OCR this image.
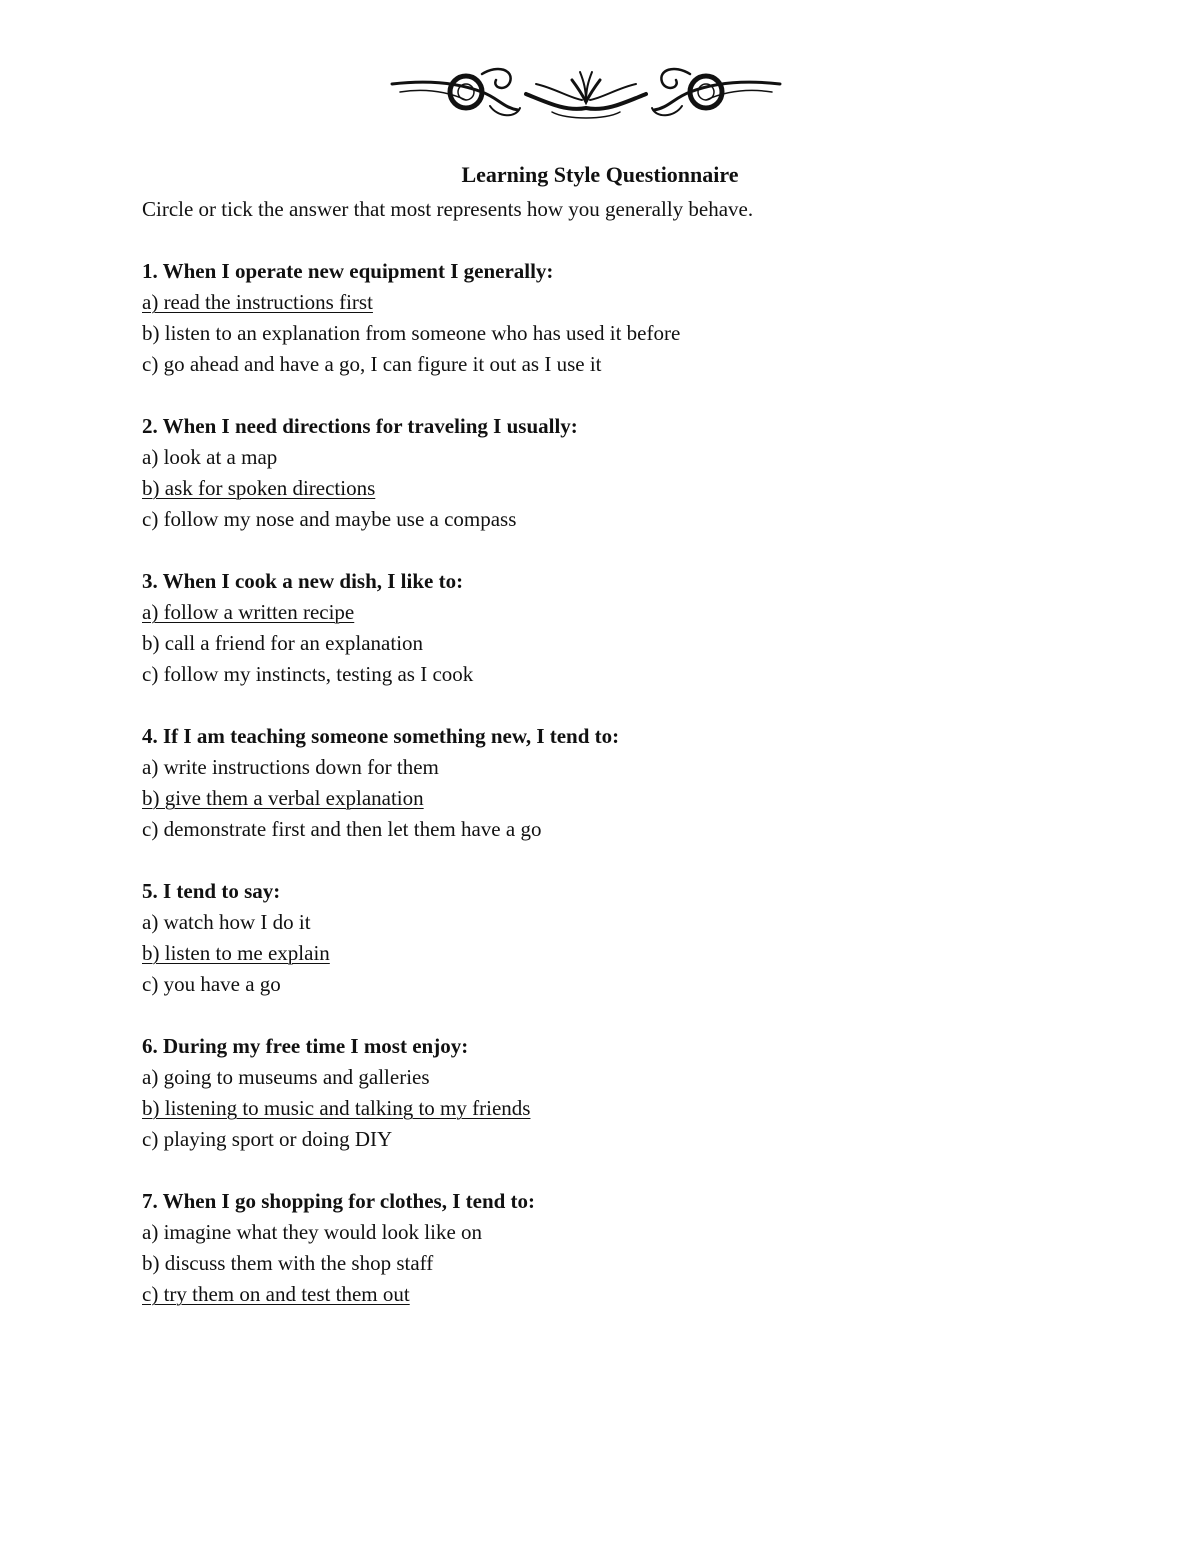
Learning Style Questionnaire

Circle or tick the answer that most represents how you generally behave.

1. When I operate new equipment I generally:
a) read the instructions first
b) listen to an explanation from someone who has used it before
c) go ahead and have a go, I can figure it out as I use it
2. When I need directions for traveling I usually:
a) look at a map
b) ask for spoken directions
c) follow my nose and maybe use a compass
3. When I cook a new dish, I like to:
a) follow a written recipe
b) call a friend for an explanation
c) follow my instincts, testing as I cook
4. If I am teaching someone something new, I tend to:
a) write instructions down for them
b) give them a verbal explanation
c) demonstrate first and then let them have a go
5. I tend to say:
a) watch how I do it
b) listen to me explain
c) you have a go
6. During my free time I most enjoy:
a) going to museums and galleries
b) listening to music and talking to my friends
c) playing sport or doing DIY
7. When I go shopping for clothes, I tend to:
a) imagine what they would look like on
b) discuss them with the shop staff
c) try them on and test them out
